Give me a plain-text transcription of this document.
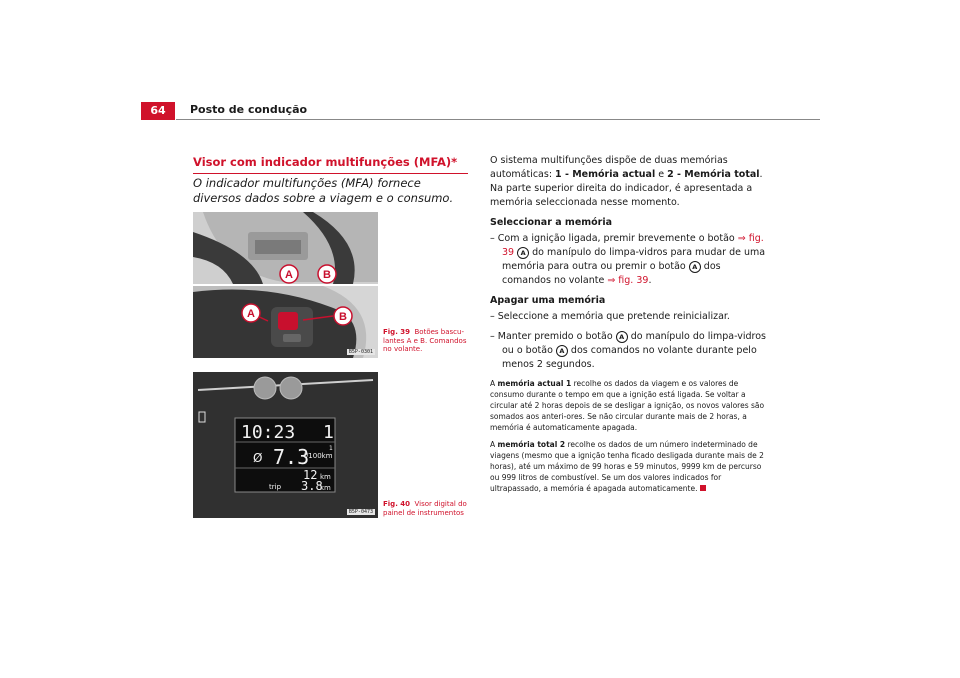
64	Posto de condução
Visor com indicador multifunções (MFA)*
O indicador multifunções (MFA) fornece diversos dados sobre a viagem e o consumo.
A	B
A	B
B5P-0301
Fig. 39 Botões bascu-lantes A e B. Comandos no volante.
10:23 1
Ø 7.3
l/100km
1
12 km
trip 3.8
km
B5P-0473
Fig. 40 Visor digital do painel de instrumentos

O sistema multifunções dispõe de duas memórias automáticas: 1 - Memória actual e 2 - Memória total. Na parte superior direita do indicador, é apresentada a memória seleccionada nesse momento.

Seleccionar a memória

– Com a ignição ligada, premir brevemente o botão ⇒ fig. 39 A do manípulo do limpa-vidros para mudar de uma memória para outra ou premir o botão A dos comandos no volante ⇒ fig. 39.

Apagar uma memória

– Seleccione a memória que pretende reinicializar.

– Manter premido o botão A do manípulo do limpa-vidros ou o botão A dos comandos no volante durante pelo menos 2 segundos.

A memória actual 1 recolhe os dados da viagem e os valores de consumo durante o tempo em que a ignição está ligada. Se voltar a circular até 2 horas depois de se desligar a ignição, os novos valores são somados aos anteri-ores. Se não circular durante mais de 2 horas, a memória é automaticamente apagada.

A memória total 2 recolhe os dados de um número indeterminado de viagens (mesmo que a ignição tenha ficado desligada durante mais de 2 horas), até um máximo de 99 horas e 59 minutos, 9999 km de percurso ou 999 litros de combustível. Se um dos valores indicados for ultrapassado, a memória é apagada automaticamente.
